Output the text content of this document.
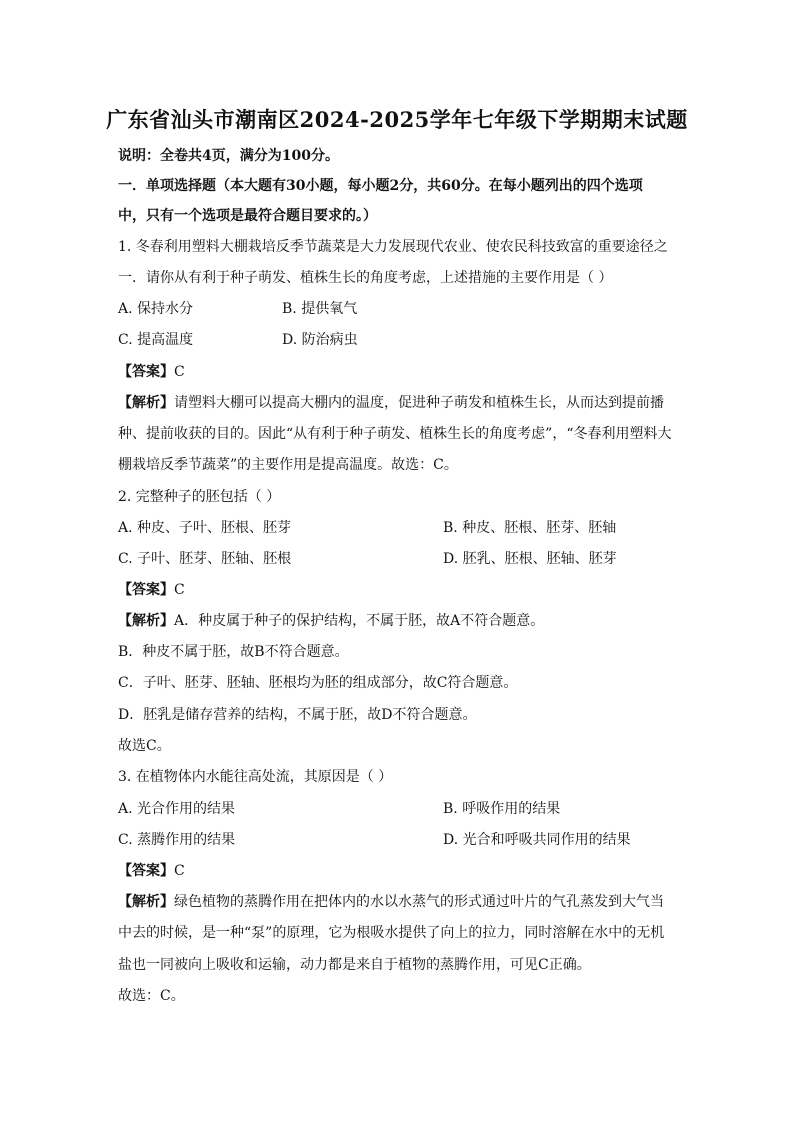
广东省汕头市潮南区2024-2025学年七年级下学期期末试题
说明：全卷共4页，满分为100分。
一．单项选择题（本大题有30小题，每小题2分，共60分。在每小题列出的四个选项
中，只有一个选项是最符合题目要求的。）
1. 冬春利用塑料大棚栽培反季节蔬菜是大力发展现代农业、使农民科技致富的重要途径之
一．请你从有利于种子萌发、植株生长的角度考虑，上述措施的主要作用是（ ）
A. 保持水分	B. 提供氧气
C. 提高温度	D. 防治病虫
【答案】C
【解析】请塑料大棚可以提高大棚内的温度，促进种子萌发和植株生长，从而达到提前播
种、提前收获的目的。因此“从有利于种子萌发、植株生长的角度考虑”，“冬春利用塑料大
棚栽培反季节蔬菜”的主要作用是提高温度。故选：C。
2. 完整种子的胚包括（ ）
A. 种皮、子叶、胚根、胚芽	B. 种皮、胚根、胚芽、胚轴
C. 子叶、胚芽、胚轴、胚根	D. 胚乳、胚根、胚轴、胚芽
【答案】C
【解析】A．种皮属于种子的保护结构，不属于胚，故A不符合题意。
B．种皮不属于胚，故B不符合题意。
C．子叶、胚芽、胚轴、胚根均为胚的组成部分，故C符合题意。
D．胚乳是储存营养的结构，不属于胚，故D不符合题意。
故选C。
3. 在植物体内水能往高处流，其原因是（ ）
A. 光合作用的结果	B. 呼吸作用的结果
C. 蒸腾作用的结果	D. 光合和呼吸共同作用的结果
【答案】C
【解析】绿色植物的蒸腾作用在把体内的水以水蒸气的形式通过叶片的气孔蒸发到大气当
中去的时候，是一种“泵”的原理，它为根吸水提供了向上的拉力，同时溶解在水中的无机
盐也一同被向上吸收和运输，动力都是来自于植物的蒸腾作用，可见C正确。
故选：C。
